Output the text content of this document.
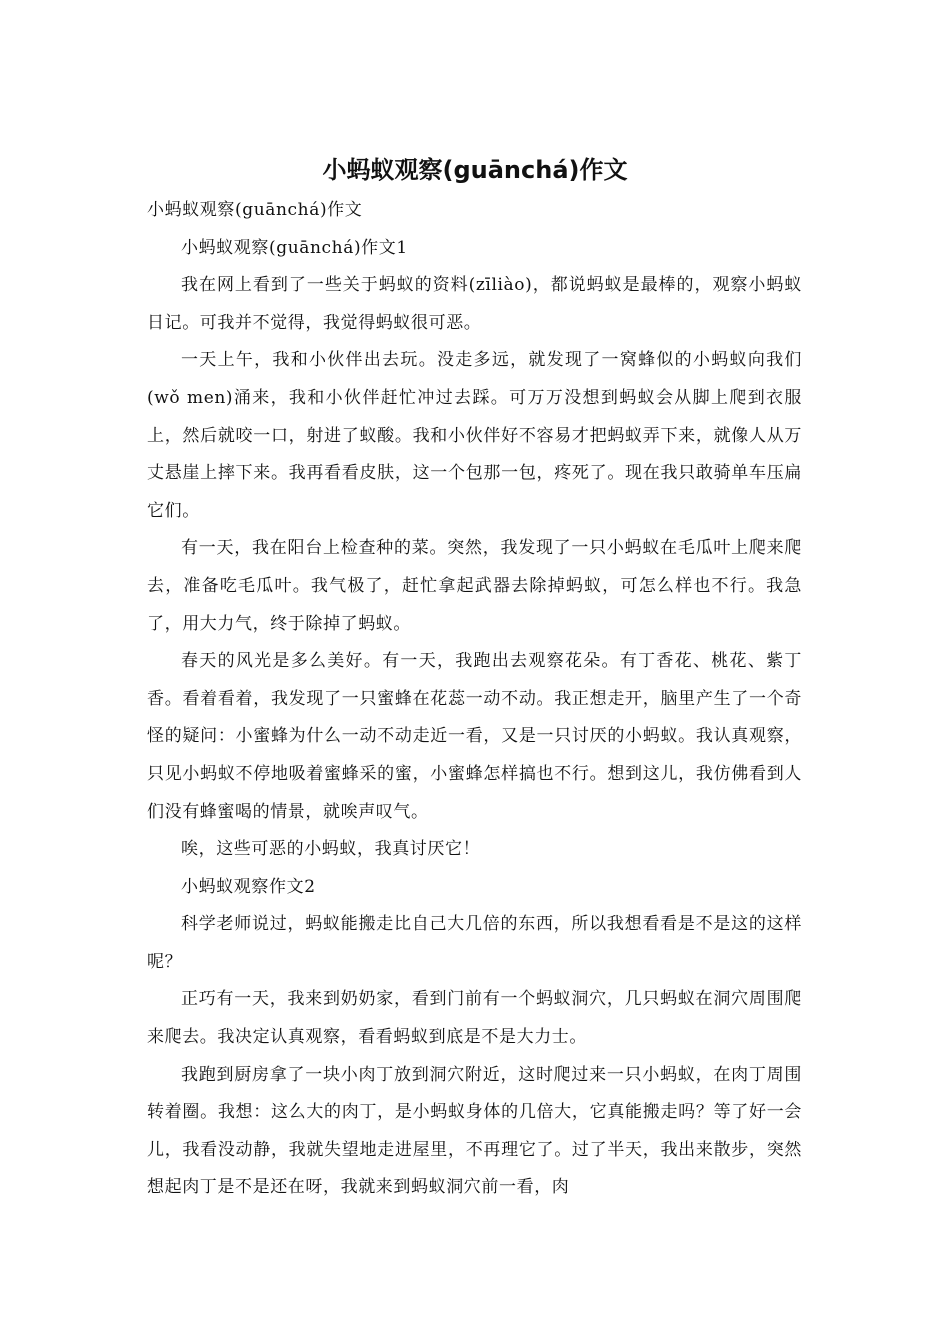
小蚂蚁观察(guānchá)作文

小蚂蚁观察(guānchá)作文

小蚂蚁观察(guānchá)作文1

我在网上看到了一些关于蚂蚁的资料(zīliào)，都说蚂蚁是最棒的，观察小蚂蚁日记。可我并不觉得，我觉得蚂蚁很可恶。

一天上午，我和小伙伴出去玩。没走多远，就发现了一窝蜂似的小蚂蚁向我们(wǒ men)涌来，我和小伙伴赶忙冲过去踩。可万万没想到蚂蚁会从脚上爬到衣服上，然后就咬一口，射进了蚁酸。我和小伙伴好不容易才把蚂蚁弄下来，就像人从万丈悬崖上摔下来。我再看看皮肤，这一个包那一包，疼死了。现在我只敢骑单车压扁它们。

有一天，我在阳台上检查种的菜。突然，我发现了一只小蚂蚁在毛瓜叶上爬来爬去，准备吃毛瓜叶。我气极了，赶忙拿起武器去除掉蚂蚁，可怎么样也不行。我急了，用大力气，终于除掉了蚂蚁。

春天的风光是多么美好。有一天，我跑出去观察花朵。有丁香花、桃花、紫丁香。看着看着，我发现了一只蜜蜂在花蕊一动不动。我正想走开，脑里产生了一个奇怪的疑问：小蜜蜂为什么一动不动走近一看，又是一只讨厌的小蚂蚁。我认真观察，只见小蚂蚁不停地吸着蜜蜂采的蜜，小蜜蜂怎样搞也不行。想到这儿，我仿佛看到人们没有蜂蜜喝的情景，就唉声叹气。

唉，这些可恶的小蚂蚁，我真讨厌它！

小蚂蚁观察作文2

科学老师说过，蚂蚁能搬走比自己大几倍的东西，所以我想看看是不是这的这样呢？

正巧有一天，我来到奶奶家，看到门前有一个蚂蚁洞穴，几只蚂蚁在洞穴周围爬来爬去。我决定认真观察，看看蚂蚁到底是不是大力士。

我跑到厨房拿了一块小肉丁放到洞穴附近，这时爬过来一只小蚂蚁，在肉丁周围转着圈。我想：这么大的肉丁，是小蚂蚁身体的几倍大，它真能搬走吗？等了好一会儿，我看没动静，我就失望地走进屋里，不再理它了。过了半天，我出来散步，突然想起肉丁是不是还在呀，我就来到蚂蚁洞穴前一看，肉
